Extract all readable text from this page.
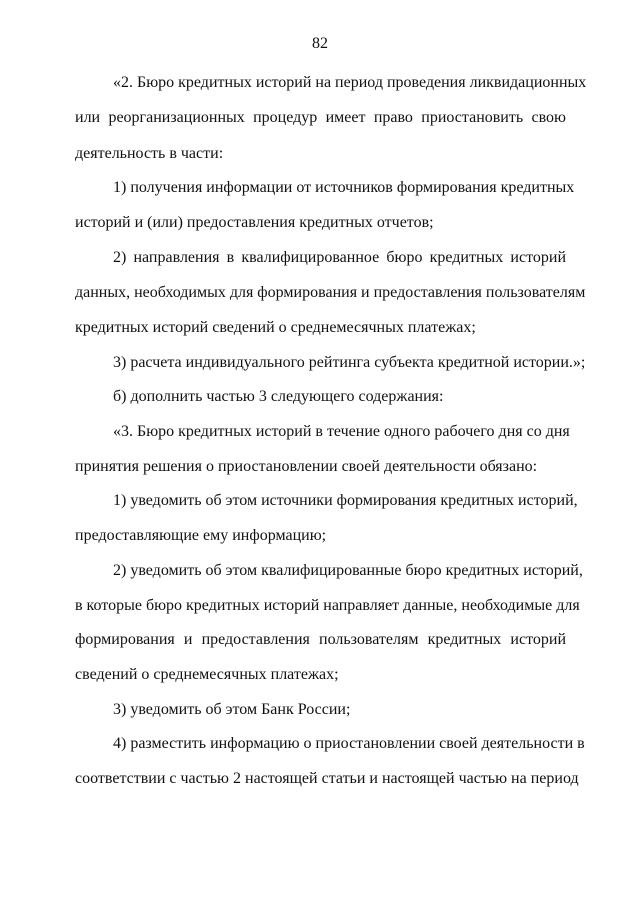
82
«2. Бюро кредитных историй на период проведения ликвидационных
или реорганизационных процедур имеет право приостановить свою
деятельность в части:
1) получения информации от источников формирования кредитных
историй и (или) предоставления кредитных отчетов;
2) направления в квалифицированное бюро кредитных историй
данных, необходимых для формирования и предоставления пользователям
кредитных историй сведений о среднемесячных платежах;
3) расчета индивидуального рейтинга субъекта кредитной истории.»;
б) дополнить частью 3 следующего содержания:
«3. Бюро кредитных историй в течение одного рабочего дня со дня
принятия решения о приостановлении своей деятельности обязано:
1) уведомить об этом источники формирования кредитных историй,
предоставляющие ему информацию;
2) уведомить об этом квалифицированные бюро кредитных историй,
в которые бюро кредитных историй направляет данные, необходимые для
формирования и предоставления пользователям кредитных историй
сведений о среднемесячных платежах;
3) уведомить об этом Банк России;
4) разместить информацию о приостановлении своей деятельности в
соответствии с частью 2 настоящей статьи и настоящей частью на период
